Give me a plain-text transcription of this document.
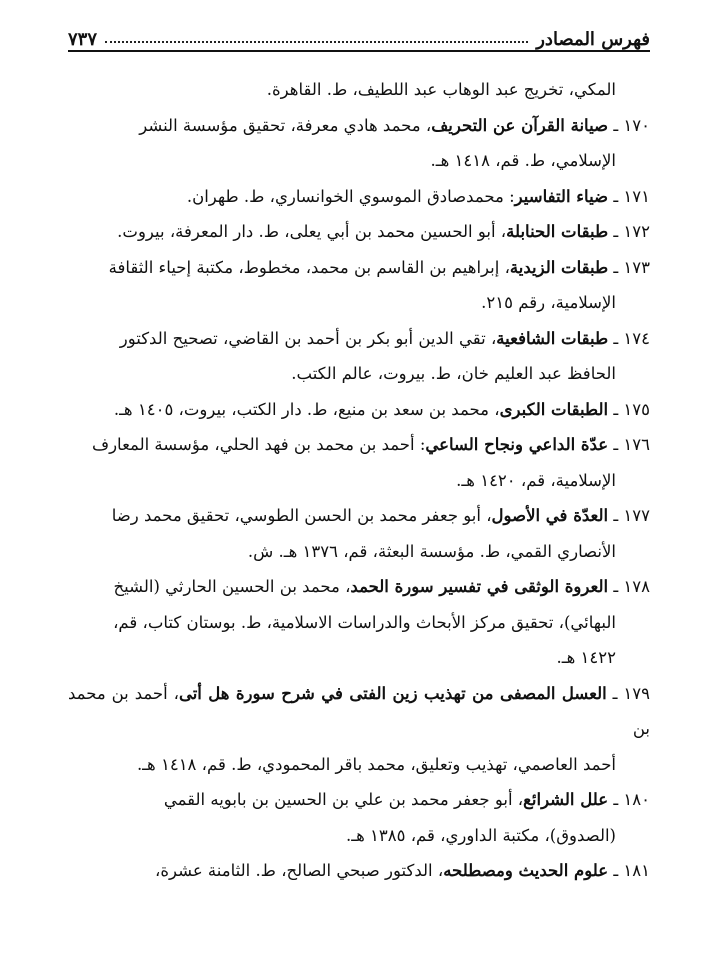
فهرس المصادر
٧٣٧
المكي، تخريج عبد الوهاب عبد اللطيف، ط. القاهرة.
١٧٠ ـ صيانة القرآن عن التحريف، محمد هادي معرفة، تحقيق مؤسسة النشر
الإسلامي، ط. قم، ١٤١٨ هـ.
١٧١ ـ ضياء التفاسير: محمدصادق الموسوي الخوانساري، ط. طهران.
١٧٢ ـ طبقات الحنابلة، أبو الحسين محمد بن أبي يعلى، ط. دار المعرفة، بيروت.
١٧٣ ـ طبقات الزيدية، إبراهيم بن القاسم بن محمد، مخطوط، مكتبة إحياء الثقافة
الإسلامية، رقم ٢١٥.
١٧٤ ـ طبقات الشافعية، تقي الدين أبو بكر بن أحمد بن القاضي، تصحيح الدكتور
الحافظ عبد العليم خان، ط. بيروت، عالم الكتب.
١٧٥ ـ الطبقات الكبرى، محمد بن سعد بن منيع، ط. دار الكتب، بيروت، ١٤٠٥ هـ.
١٧٦ ـ عدّة الداعي ونجاح الساعي: أحمد بن محمد بن فهد الحلي، مؤسسة المعارف
الإسلامية، قم، ١٤٢٠ هـ.
١٧٧ ـ العدّة في الأصول، أبو جعفر محمد بن الحسن الطوسي، تحقيق محمد رضا
الأنصاري القمي، ط. مؤسسة البعثة، قم، ١٣٧٦ هـ. ش.
١٧٨ ـ العروة الوثقى في تفسير سورة الحمد، محمد بن الحسين الحارثي (الشيخ
البهائي)، تحقيق مركز الأبحاث والدراسات الاسلامية، ط. بوستان كتاب، قم،
١٤٢٢ هـ.
١٧٩ ـ العسل المصفى من تهذيب زين الفتى في شرح سورة هل أتى، أحمد بن محمد بن
أحمد العاصمي، تهذيب وتعليق، محمد باقر المحمودي، ط. قم، ١٤١٨ هـ.
١٨٠ ـ علل الشرائع، أبو جعفر محمد بن علي بن الحسين بن بابويه القمي
(الصدوق)، مكتبة الداوري، قم، ١٣٨٥ هـ.
١٨١ ـ علوم الحديث ومصطلحه، الدكتور صبحي الصالح، ط. الثامنة عشرة،
